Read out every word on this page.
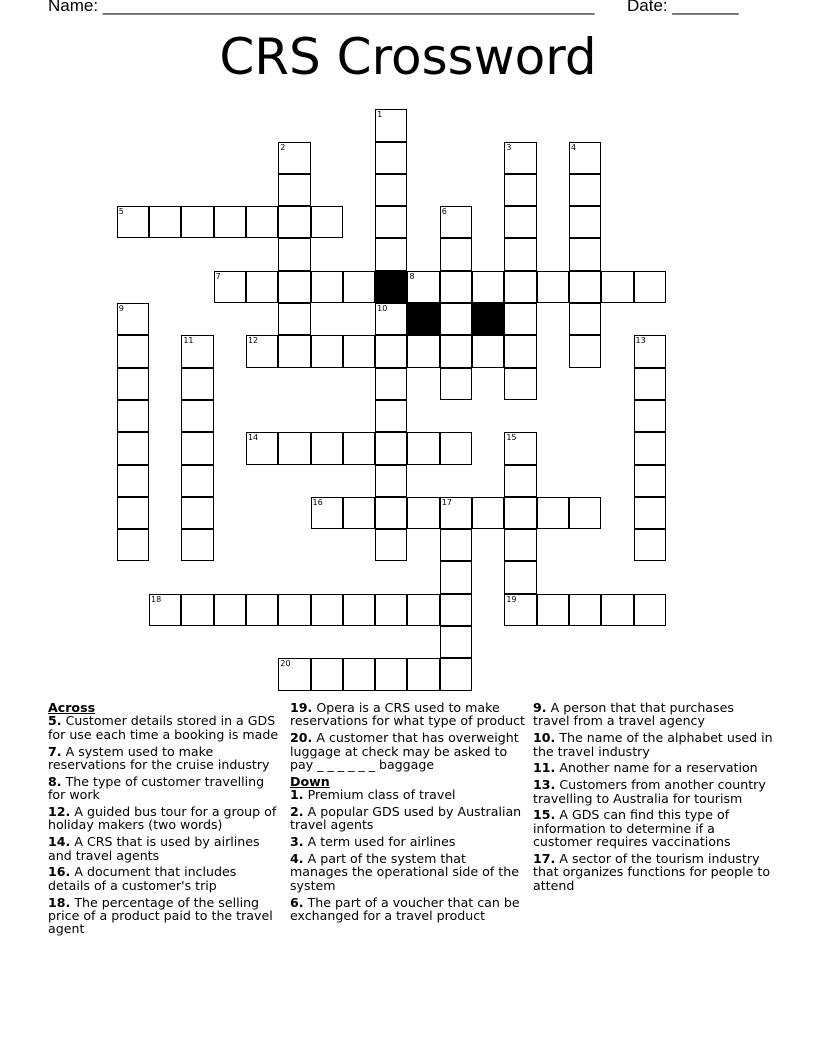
Name: ____________________________________________________ Date: _______
CRS Crossword
1
10
2	3	4
5	6
7	8
9
11	12	13
14	15
19
16	17
18
20

Across

5. Customer details stored in a GDS for use each time a booking is made

7. A system used to make reservations for the cruise industry

8. The type of customer travelling for work

12. A guided bus tour for a group of holiday makers (two words)

14. A CRS that is used by airlines and travel agents

16. A document that includes details of a customer's trip

18. The percentage of the selling price of a product paid to the travel agent

19. Opera is a CRS used to make reservations for what type of product

20. A customer that has overweight luggage at check may be asked to pay _ _ _ _ _ _ baggage

Down

1. Premium class of travel

2. A popular GDS used by Australian travel agents

3. A term used for airlines

4. A part of the system that manages the operational side of the system

6. The part of a voucher that can be exchanged for a travel product

9. A person that that purchases travel from a travel agency

10. The name of the alphabet used in the travel industry

11. Another name for a reservation

13. Customers from another country travelling to Australia for tourism

15. A GDS can find this type of information to determine if a customer requires vaccinations

17. A sector of the tourism industry that organizes functions for people to attend
